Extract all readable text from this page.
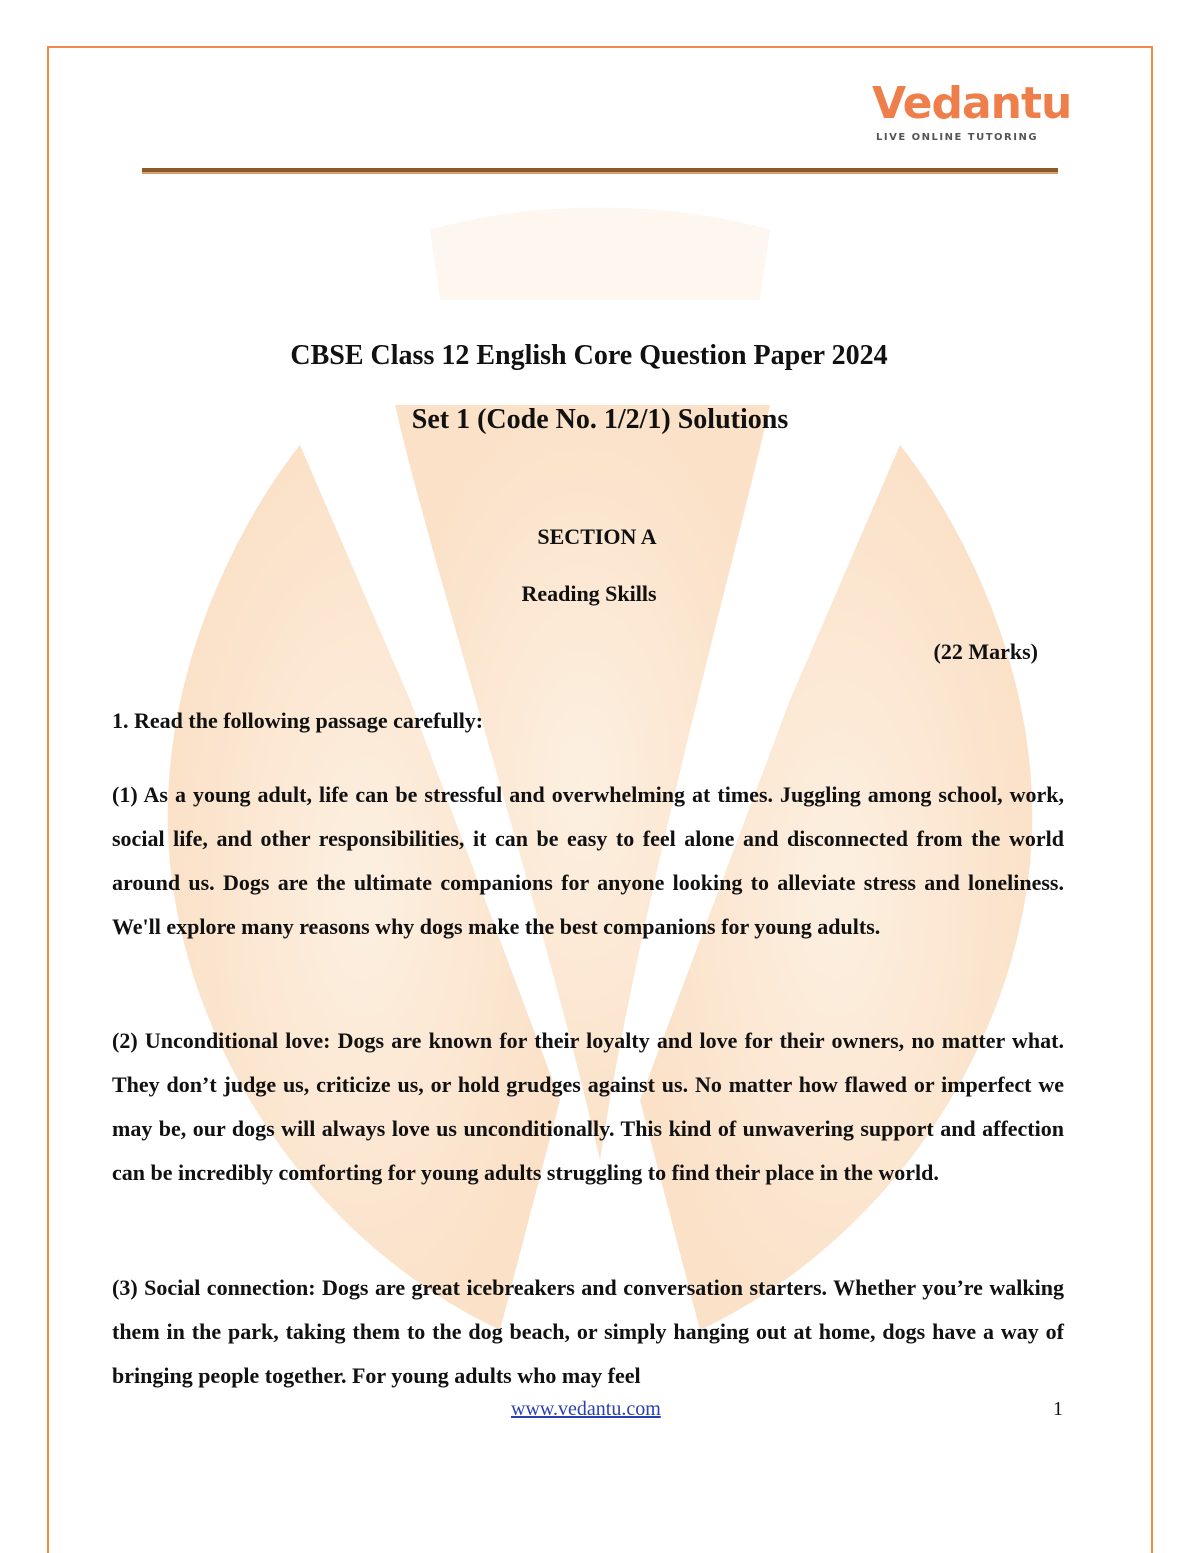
Vedantu
LIVE ONLINE TUTORING
CBSE Class 12 English Core Question Paper 2024
Set 1 (Code No. 1/2/1) Solutions
SECTION A
Reading Skills
(22 Marks)
1. Read the following passage carefully:

(1) As a young adult, life can be stressful and overwhelming at times. Juggling among school, work, social life, and other responsibilities, it can be easy to feel alone and disconnected from the world around us. Dogs are the ultimate companions for anyone looking to alleviate stress and loneliness. We'll explore many reasons why dogs make the best companions for young adults.

(2) Unconditional love: Dogs are known for their loyalty and love for their owners, no matter what. They don’t judge us, criticize us, or hold grudges against us. No matter how flawed or imperfect we may be, our dogs will always love us unconditionally. This kind of unwavering support and affection can be incredibly comforting for young adults struggling to find their place in the world.

(3) Social connection: Dogs are great icebreakers and conversation starters. Whether you’re walking them in the park, taking them to the dog beach, or simply hanging out at home, dogs have a way of bringing people together. For young adults who may feel

www.vedantu.com	1
